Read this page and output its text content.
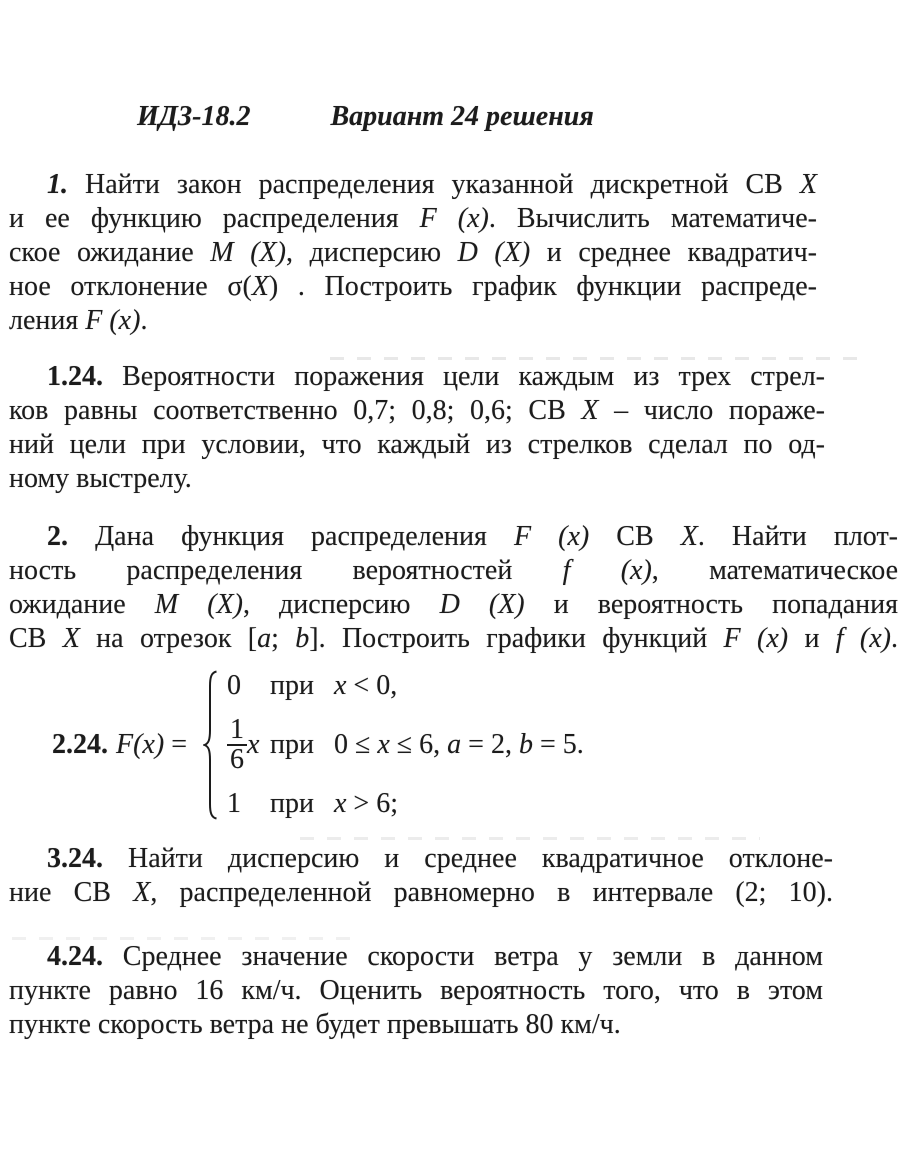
ИДЗ-18.2	Вариант 24 решения
1. Найти закон распределения указанной дискретной СВ X
и ее функцию распределения F (x). Вычислить математиче-
ское ожидание M (X), дисперсию D (X) и среднее квадратич-
ное отклонение σ(X) . Построить график функции распреде-
ления F (x).
1.24. Вероятности поражения цели каждым из трех стрел-
ков равны соответственно 0,7; 0,8; 0,6; СВ X – число пораже-
ний цели при условии, что каждый из стрелков сделал по од-
ному выстрелу.
2. Дана функция распределения F (x) СВ X. Найти плот-
ность распределения вероятностей f (x), математическое
ожидание M (X), дисперсию D (X) и вероятность попадания
СВ X на отрезок [a; b]. Построить графики функций F (x) и f (x).
2.24. F(x) =
0 при x < 0,
$\frac{1}{6}$ x при 0 ≤ x ≤ 6, a = 2, b = 5.
1 при x > 6;
3.24. Найти дисперсию и среднее квадратичное отклоне-
ние СВ X, распределенной равномерно в интервале (2; 10).
4.24. Среднее значение скорости ветра у земли в данном
пункте равно 16 км/ч. Оценить вероятность того, что в этом
пункте скорость ветра не будет превышать 80 км/ч.
